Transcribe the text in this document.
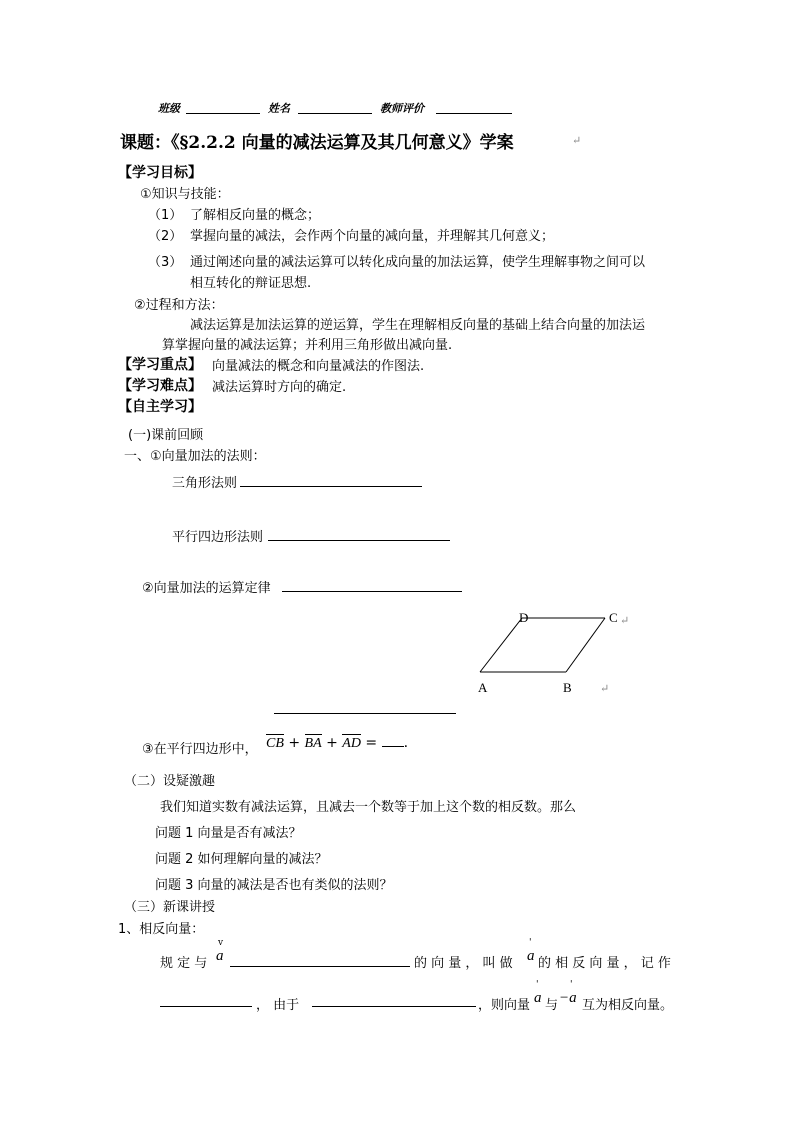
班级	姓名	教师评价
课题：《§2.2.2 向量的减法运算及其几何意义》学案	↵
【学习目标】
①知识与技能：
（1） 了解相反向量的概念；
（2） 掌握向量的减法，会作两个向量的减向量，并理解其几何意义；
（3） 通过阐述向量的减法运算可以转化成向量的加法运算，使学生理解事物之间可以
相互转化的辩证思想.
②过程和方法：
减法运算是加法运算的逆运算，学生在理解相反向量的基础上结合向量的加法运
算掌握向量的减法运算；并利用三角形做出减向量.
【学习重点】 向量减法的概念和向量减法的作图法.
【学习难点】 减法运算时方向的确定.
【自主学习】
(一)课前回顾
一、①向量加法的法则：
三角形法则
平行四边形法则
②向量加法的运算定律
D	C ↵
A	B	↵
③在平行四边形中， CB + BA + AD = .
（二）设疑激趣
我们知道实数有减法运算，且减去一个数等于加上这个数的相反数。那么
问题 1 向量是否有减法？
问题 2 如何理解向量的减法？
问题 3 向量的减法是否也有类似的法则？
（三）新课讲授
1、相反向量：
规 定 与 a
v
的 向 量 ， 叫 做 a
'
的 相 反 向 量 ， 记 作
， 由于	，则向量 a
'
与 −a
'
互为相反向量。
